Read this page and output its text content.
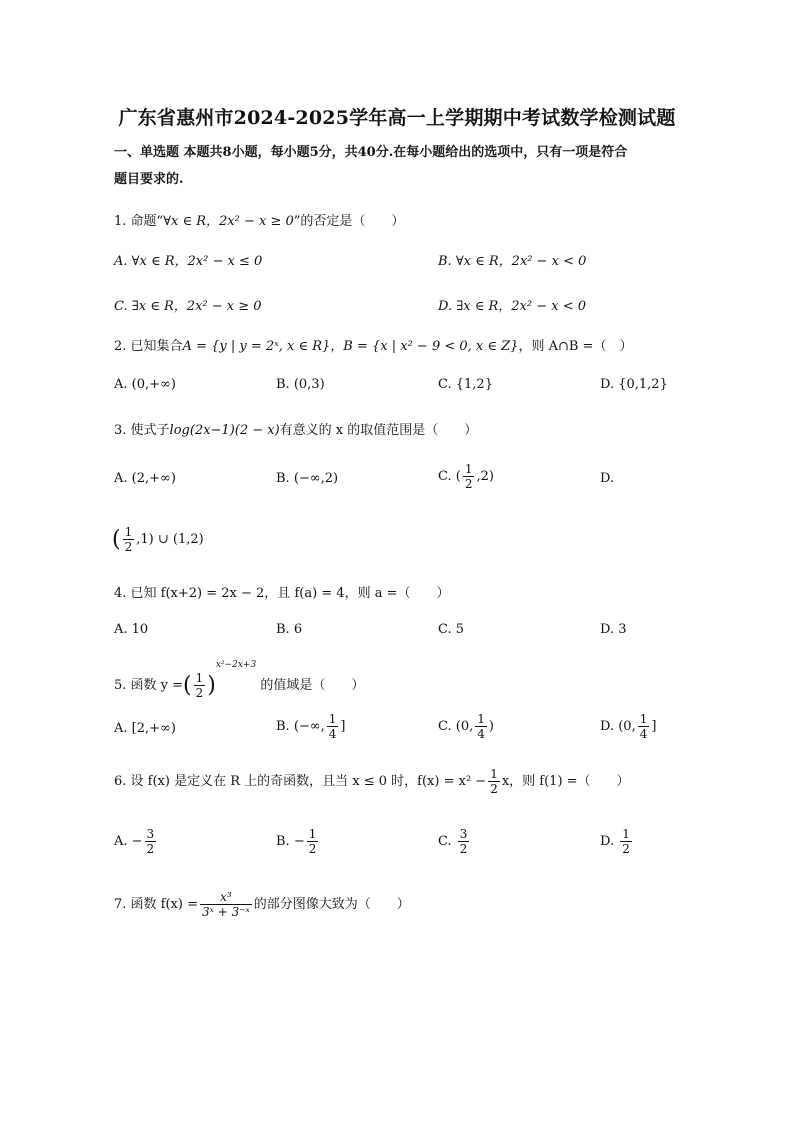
广东省惠州市2024-2025学年高一上学期期中考试数学检测试题
一、单选题 本题共8小题，每小题5分，共40分.在每小题给出的选项中，只有一项是符合
题目要求的.
1. 命题“∀x ∈ R，2x² − x ≥ 0”的否定是（　　）
A. ∀x ∈ R，2x² − x ≤ 0	B. ∀x ∈ R，2x² − x < 0
C. ∃x ∈ R，2x² − x ≥ 0	D. ∃x ∈ R，2x² − x < 0
2. 已知集合A = {y | y = 2ˣ, x ∈ R}，B = {x | x² − 9 < 0, x ∈ Z}，则 A∩B =（　）
A. (0,+∞)	B. (0,3)	C. {1,2}	D. {0,1,2}
3. 使式子log(2x−1)(2 − x)有意义的 x 的取值范围是（　　）
A. (2,+∞)	B. (−∞,2)	C. ( $\frac{1}{2} ,2$)	D.
( $\frac{1}{2} ,1$) ∪ (1,2)
4. 已知 f(x+2) = 2x − 2，且 f(a) = 4，则 a =（　　）
A. 10	B. 6	C. 5	D. 3
5. 函数 y =( $\frac{1}{2} )^{x^2-2x+3}$ 的值域是（　　）
A. [2,+∞)	B. (−∞, $\frac{1}{4}$ ]	C. (0, $\frac{1}{4}$ )	D. (0, $\frac{1}{4}$ ]
6. 设 f(x) 是定义在 R 上的奇函数，且当 x ≤ 0 时，$f(x) = x^2 - \frac{1}{2}$ x，则 f(1) =（　　）
A. − $\frac{3}{2}$	B. − $\frac{1}{2}$	C. $\frac{3}{2}$	D. $\frac{1}{2}$
7. 函数 $f(x) = \frac{\text{x³}}{\text{3ˣ + 3⁻ˣ}}$ 的部分图像大致为（　　）
